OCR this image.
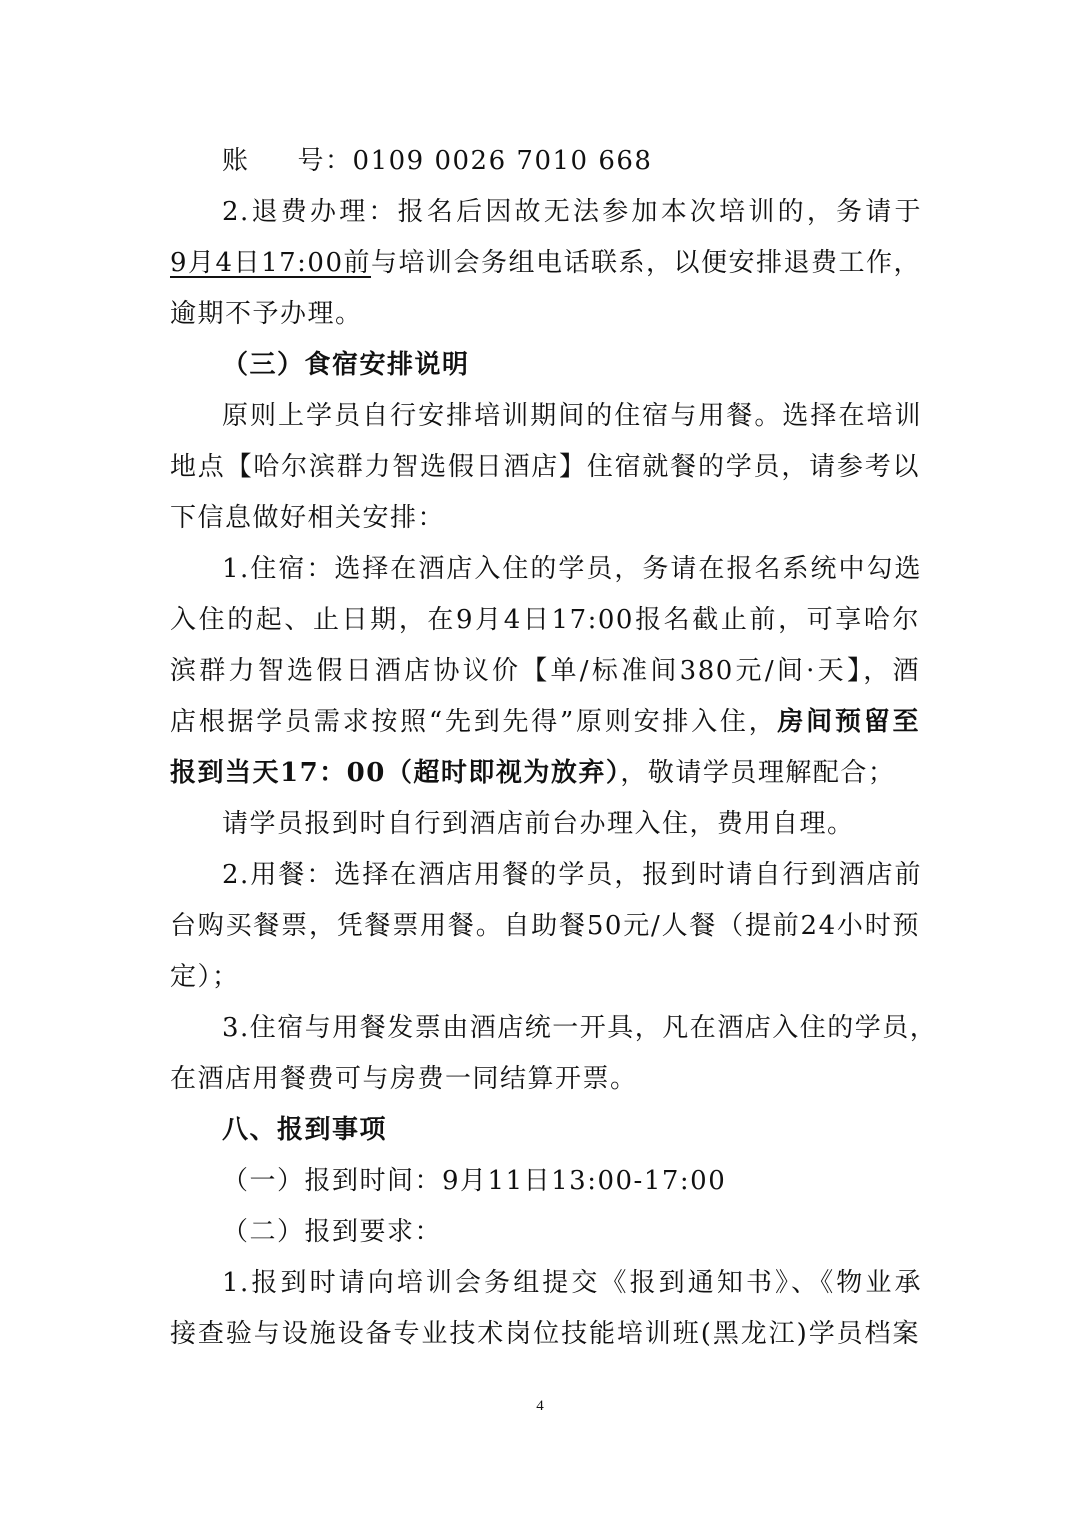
账 号：0109 0026 7010 668
2.退费办理：报名后因故无法参加本次培训的，务请于
9月4日17:00前与培训会务组电话联系，以便安排退费工作，
逾期不予办理。
（三）食宿安排说明
原则上学员自行安排培训期间的住宿与用餐。选择在培训
地点【哈尔滨群力智选假日酒店】住宿就餐的学员，请参考以
下信息做好相关安排：
1.住宿：选择在酒店入住的学员，务请在报名系统中勾选
入住的起、止日期，在9月4日17:00报名截止前，可享哈尔
滨群力智选假日酒店协议价【单/标准间380元/间·天】，酒
店根据学员需求按照“先到先得”原则安排入住，房间预留至
报到当天17：00（超时即视为放弃），敬请学员理解配合；
请学员报到时自行到酒店前台办理入住，费用自理。
2.用餐：选择在酒店用餐的学员，报到时请自行到酒店前
台购买餐票，凭餐票用餐。自助餐50元/人餐（提前24小时预
定）；
3.住宿与用餐发票由酒店统一开具，凡在酒店入住的学员，
在酒店用餐费可与房费一同结算开票。
八、报到事项
（一）报到时间：9月11日13:00-17:00
（二）报到要求：
1.报到时请向培训会务组提交《报到通知书》、《物业承
接查验与设施设备专业技术岗位技能培训班(黑龙江)学员档案
4
